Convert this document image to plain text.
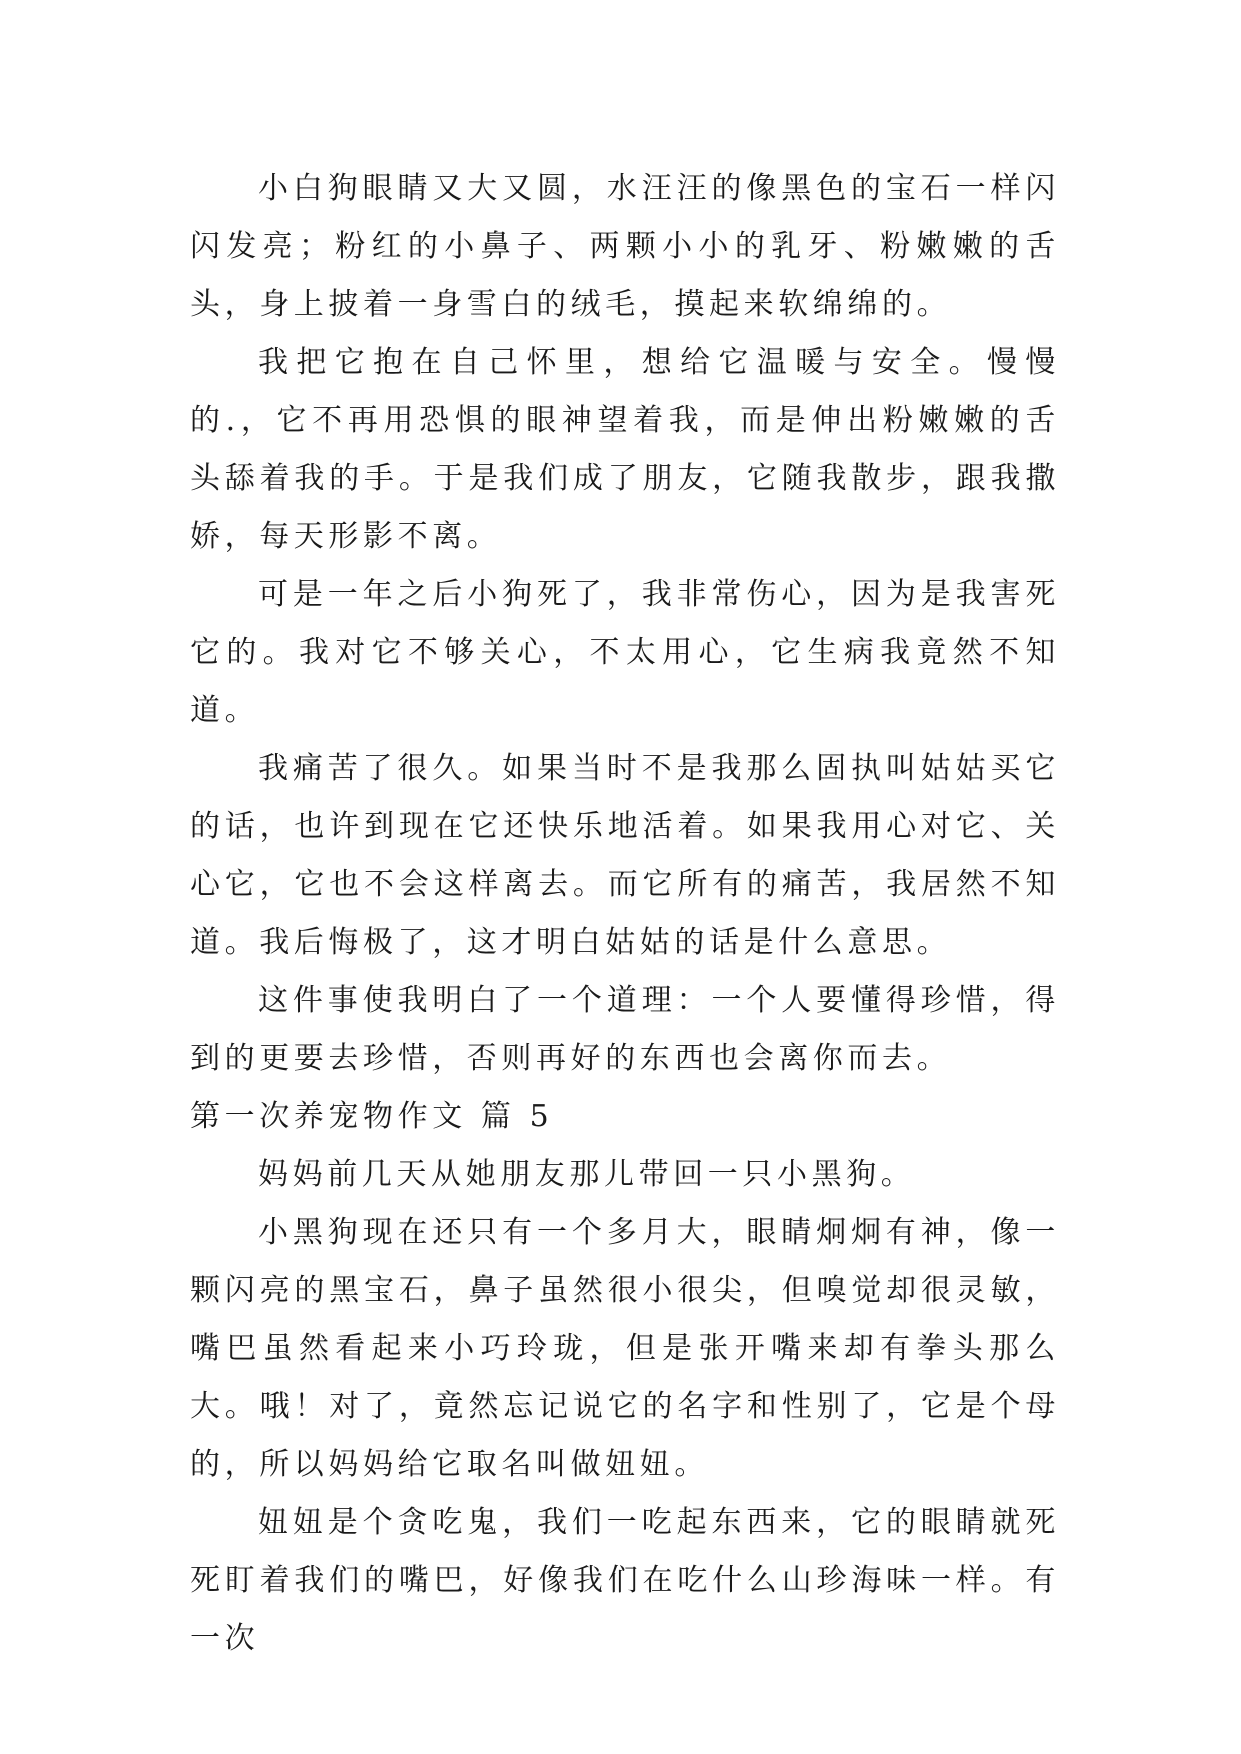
小白狗眼睛又大又圆，水汪汪的像黑色的宝石一样闪闪发亮；粉红的小鼻子、两颗小小的乳牙、粉嫩嫩的舌头，身上披着一身雪白的绒毛，摸起来软绵绵的。

我把它抱在自己怀里，想给它温暖与安全。慢慢的.，它不再用恐惧的眼神望着我，而是伸出粉嫩嫩的舌头舔着我的手。于是我们成了朋友，它随我散步，跟我撒娇，每天形影不离。

可是一年之后小狗死了，我非常伤心，因为是我害死它的。我对它不够关心，不太用心，它生病我竟然不知道。

我痛苦了很久。如果当时不是我那么固执叫姑姑买它的话，也许到现在它还快乐地活着。如果我用心对它、关心它，它也不会这样离去。而它所有的痛苦，我居然不知道。我后悔极了，这才明白姑姑的话是什么意思。

这件事使我明白了一个道理：一个人要懂得珍惜，得到的更要去珍惜，否则再好的东西也会离你而去。

第一次养宠物作文 篇 5

妈妈前几天从她朋友那儿带回一只小黑狗。

小黑狗现在还只有一个多月大，眼睛炯炯有神，像一颗闪亮的黑宝石，鼻子虽然很小很尖，但嗅觉却很灵敏，嘴巴虽然看起来小巧玲珑，但是张开嘴来却有拳头那么大。哦！对了，竟然忘记说它的名字和性别了，它是个母的，所以妈妈给它取名叫做妞妞。

妞妞是个贪吃鬼，我们一吃起东西来，它的眼睛就死死盯着我们的嘴巴，好像我们在吃什么山珍海味一样。有一次
